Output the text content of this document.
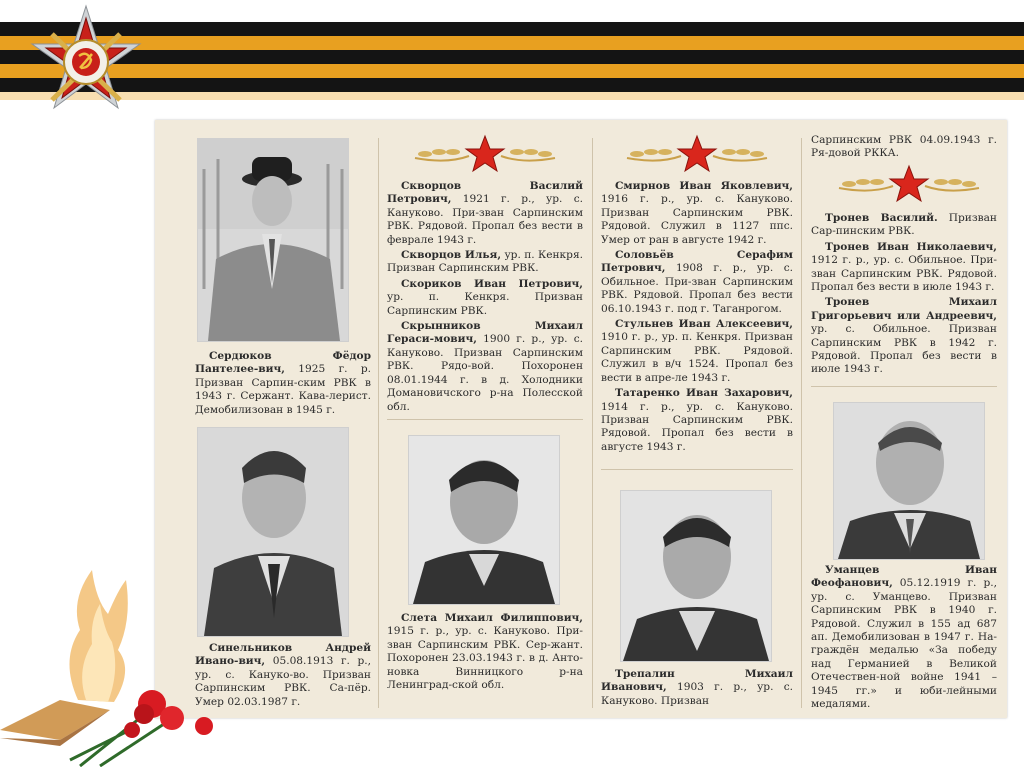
Сердюков Фёдор Пантелее-вич, 1925 г. р. Призван Сарпин-ским РВК в 1943 г. Сержант. Кава-лерист. Демобилизован в 1945 г.

Синельников Андрей Ивано-вич, 05.08.1913 г. р., ур. с. Кануко-во. Призван Сарпинским РВК. Са-пёр. Умер 02.03.1987 г.

Скворцов Василий Петрович, 1921 г. р., ур. с. Кануково. При-зван Сарпинским РВК. Рядовой. Пропал без вести в феврале 1943 г.

Скворцов Илья, ур. п. Кенкря. Призван Сарпинским РВК.

Скориков Иван Петрович, ур. п. Кенкря. Призван Сарпинским РВК.

Скрынников Михаил Гераси-мович, 1900 г. р., ур. с. Кануково. Призван Сарпинским РВК. Рядо-вой. Похоронен 08.01.1944 г. в д. Холодники Домановичского р-на Полесской обл.

Слета Михаил Филиппович, 1915 г. р., ур. с. Кануково. При-зван Сарпинским РВК. Сер-жант. Похоронен 23.03.1943 г. в д. Анто-новка Винницкого р-на Ленинград-ской обл.

Смирнов Иван Яковлевич, 1916 г. р., ур. с. Кануково. Призван Сарпинским РВК. Рядовой. Служил в 1127 ппс. Умер от ран в августе 1942 г.

Соловьёв Серафим Петрович, 1908 г. р., ур. с. Обильное. При-зван Сарпинским РВК. Рядовой. Пропал без вести 06.10.1943 г. под г. Таганрогом.

Стульнев Иван Алексеевич, 1910 г. р., ур. п. Кенкря. Призван Сарпинским РВК. Рядовой. Служил в в/ч 1524. Пропал без вести в апре-ле 1943 г.

Татаренко Иван Захарович, 1914 г. р., ур. с. Кануково. Призван Сарпинским РВК. Рядовой. Пропал без вести в августе 1943 г.

Трепалин Михаил Иванович, 1903 г. р., ур. с. Кануково. Призван

Сарпинским РВК 04.09.1943 г. Ря-довой РККА.

Тронев Василий. Призван Сар-пинским РВК.

Тронев Иван Николаевич, 1912 г. р., ур. с. Обильное. При-зван Сарпинским РВК. Рядовой. Пропал без вести в июле 1943 г.

Тронев Михаил Григорьевич или Андреевич, ур. с. Обильное. Призван Сарпинским РВК в 1942 г. Рядовой. Пропал без вести в июле 1943 г.

Уманцев Иван Феофанович, 05.12.1919 г. р., ур. с. Уманцево. Призван Сарпинским РВК в 1940 г. Рядовой. Служил в 155 ад 687 ап. Демобилизован в 1947 г. На-граждён медалью «За победу над Германией в Великой Отечествен-ной войне 1941 – 1945 гг.» и юби-лейными медалями.
